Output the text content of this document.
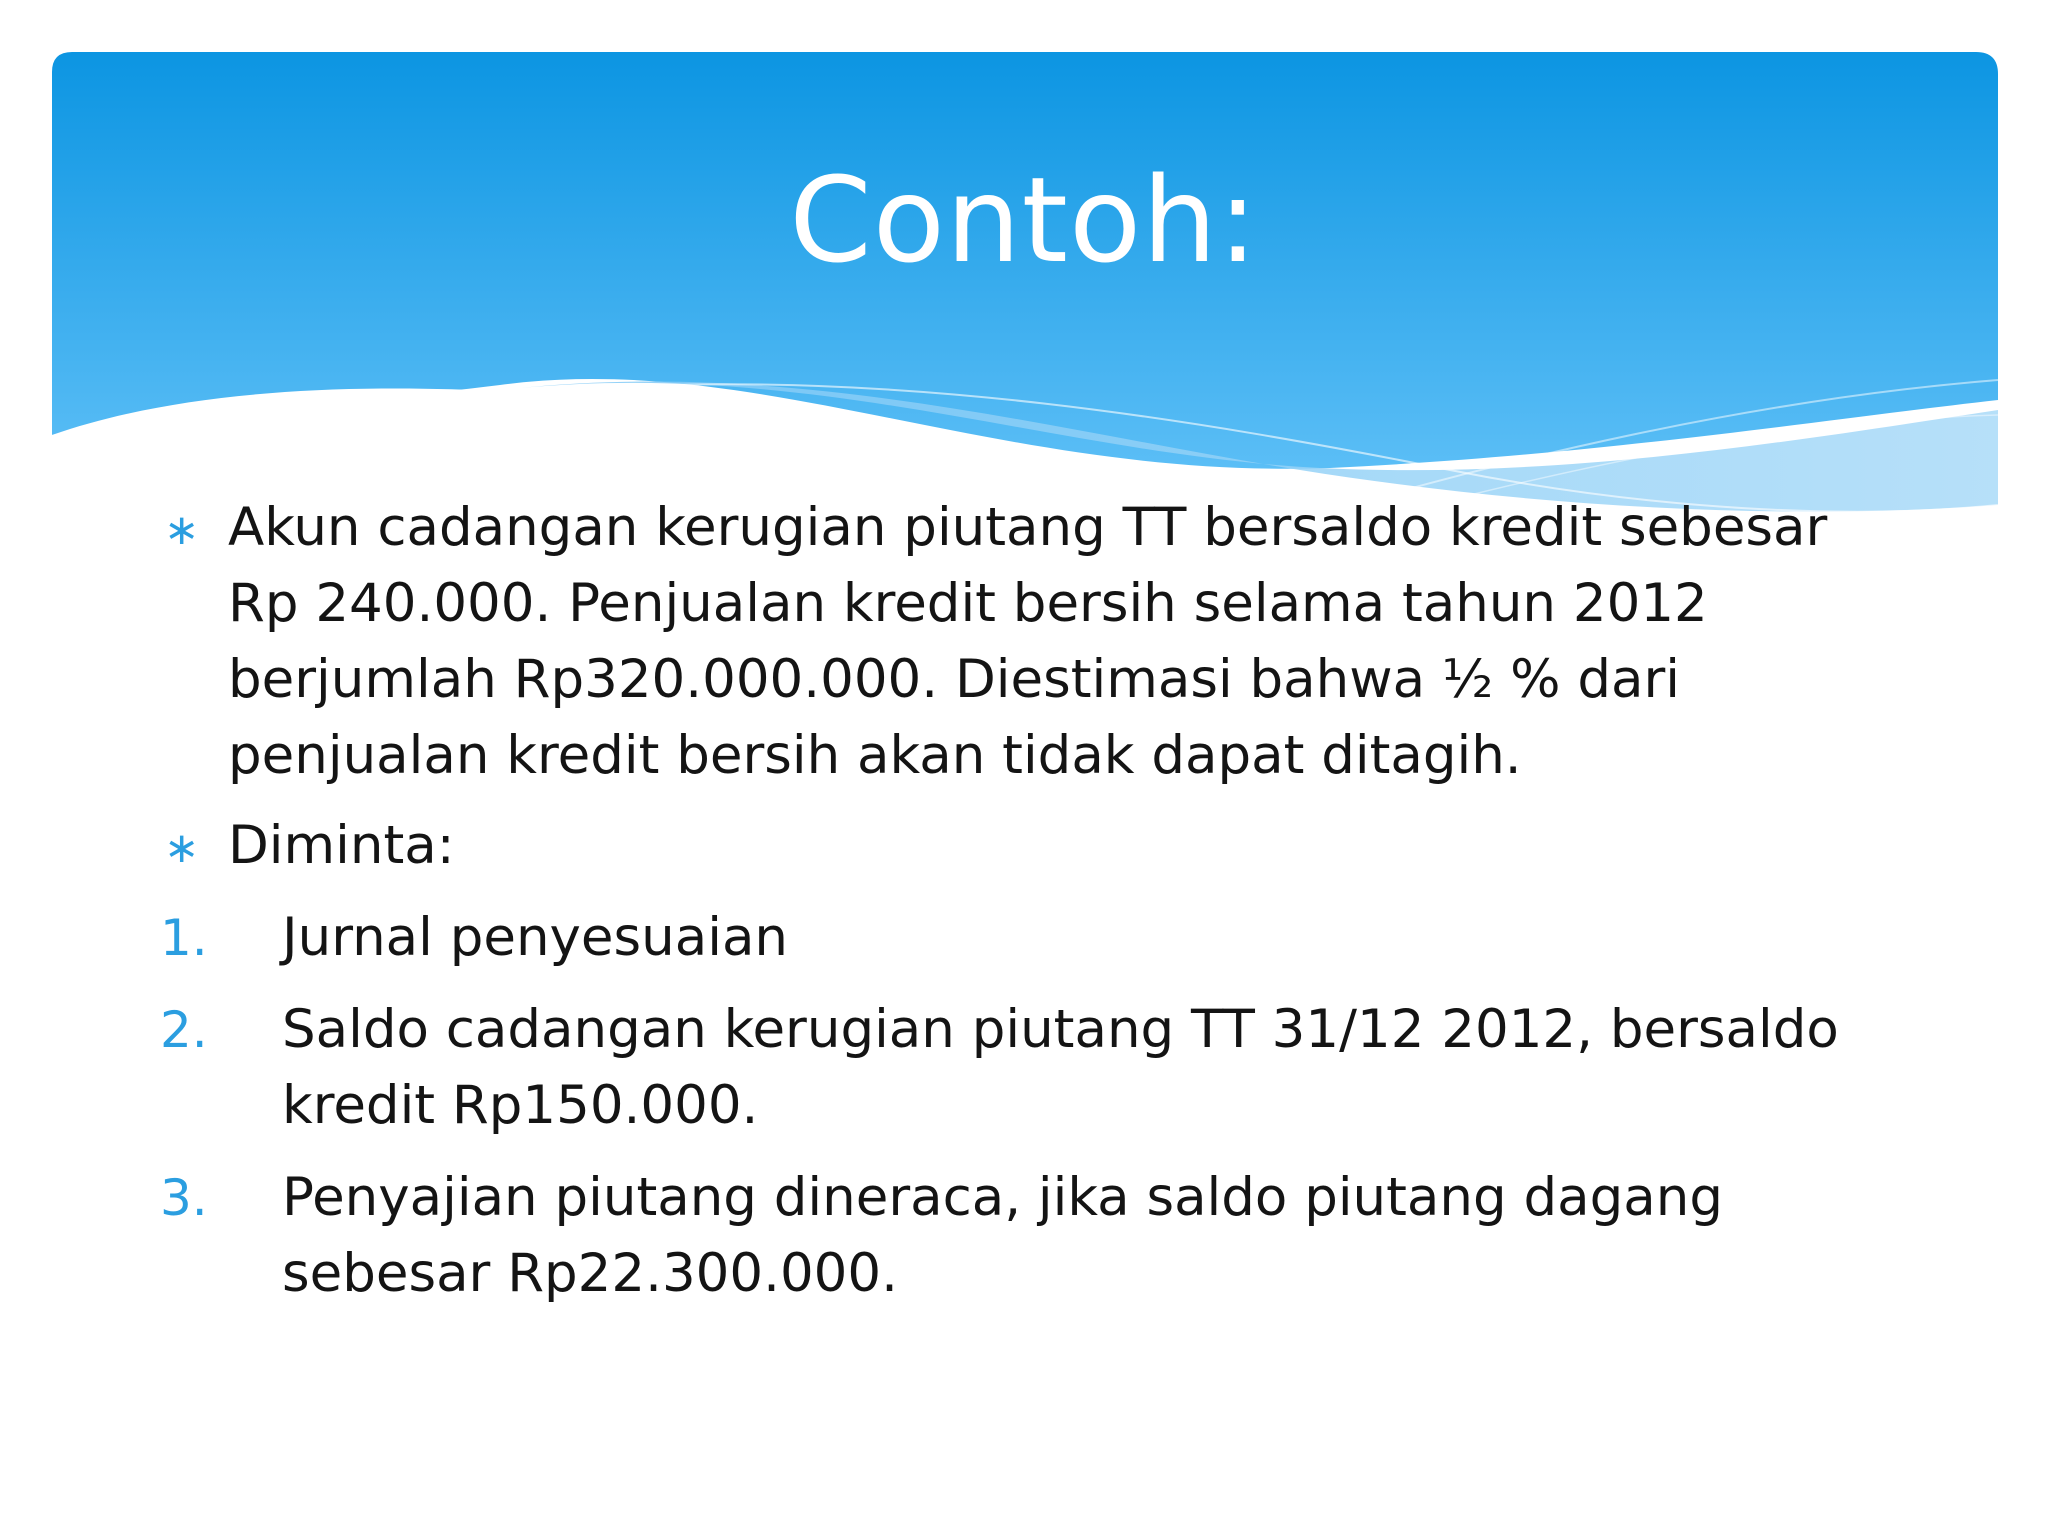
Contoh:
∗ Akun cadangan kerugian piutang TT bersaldo kredit sebesar
Rp 240.000. Penjualan kredit bersih selama tahun 2012
berjumlah Rp320.000.000. Diestimasi bahwa ½ % dari
penjualan kredit bersih akan tidak dapat ditagih.
∗ Diminta:
1. Jurnal penyesuaian
2. Saldo cadangan kerugian piutang TT 31/12 2012, bersaldo
kredit Rp150.000.
3. Penyajian piutang dineraca, jika saldo piutang dagang
sebesar Rp22.300.000.
